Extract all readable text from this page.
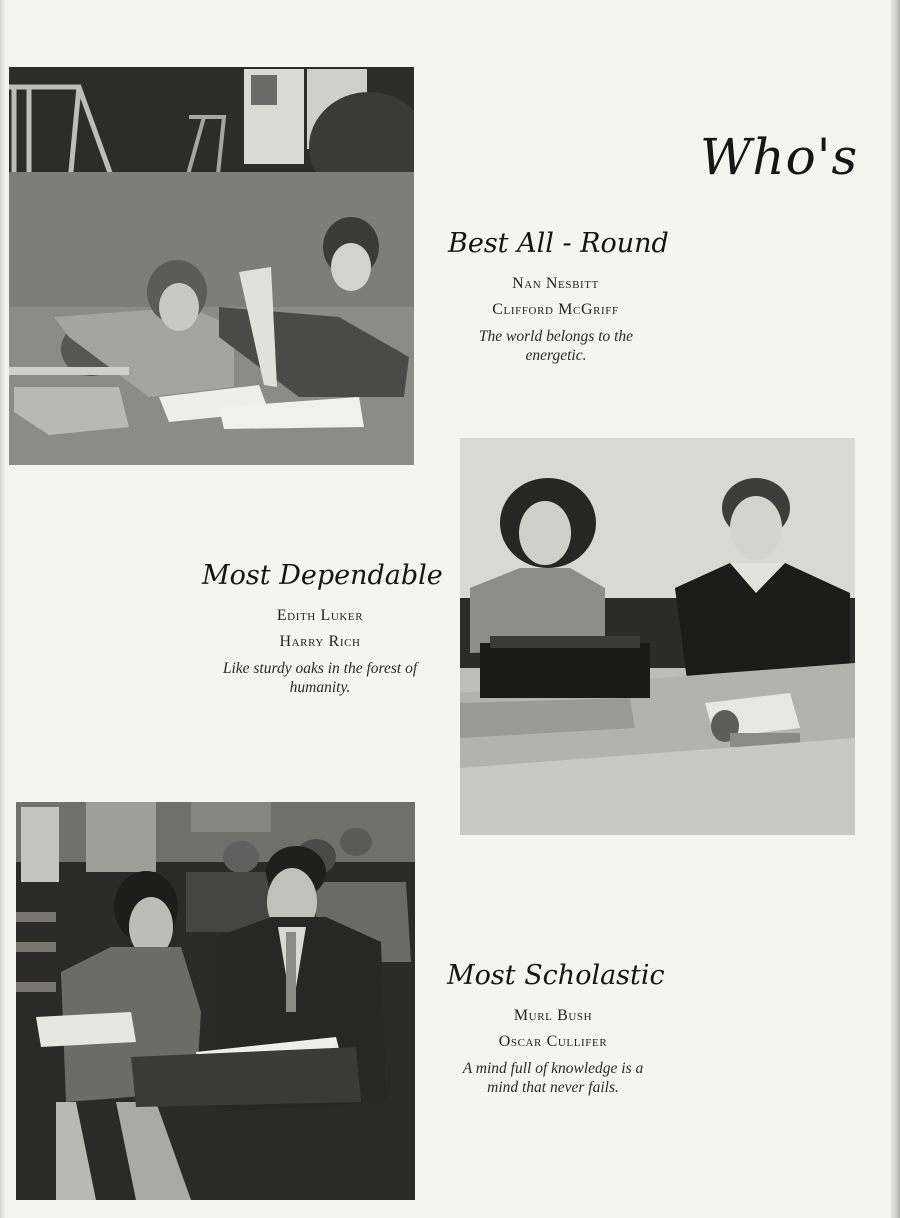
Who's
Best All - Round
Nan Nesbitt
Clifford McGriff
The world belongs to the energetic.
Most Dependable
Edith Luker
Harry Rich
Like sturdy oaks in the forest of humanity.
Most Scholastic
Murl Bush
Oscar Cullifer
A mind full of knowledge is a mind that never fails.
